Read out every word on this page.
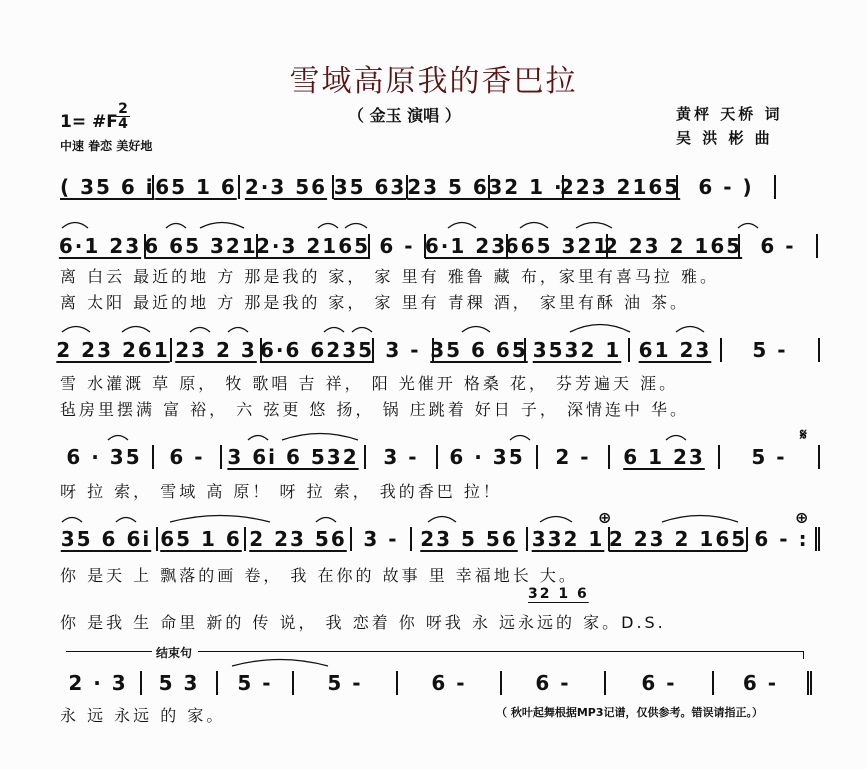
雪域高原我的香巴拉
（ 金玉 演唱 ）
1= #F
2
4
中速 眷恋 美好地
黄枰 天桥 词
吴 洪 彬 曲
( 35 6 i 65 1 6 2·3 56 35 63 23 5 6 32 1 ·
223 2165 6 - )
6·1 23 6 65 321
2·3 2165 6 - 6·1 23
665 321
2 23 2 165 6 -
离 白云 最近的地 方 那是我的 家， 家 里有 雅鲁 藏 布，家里有喜马拉 雅。
离 太阳 最近的地 方 那是我的 家， 家 里有 青稞 酒， 家里有酥 油 茶。
2 23 261 23 2 3 6·6 6235 3 - 35 6 65 3532 1 61 23	5 -
雪 水灌溉 草 原， 牧 歌唱 吉 祥， 阳 光催开 格桑 花， 芬芳遍天 涯。
毡房里摆满 富 裕， 六 弦更 悠 扬， 锅 庄跳着 好日 子， 深情连中 华。
𝄋
6 · 35	6 -	3 6i 6 532	3 -	6 · 35	2 -	6 1 23	5 -
呀 拉 索， 雪域 高 原！ 呀 拉 索， 我的香巴 拉！
⊕	⊕
35 6 6i 65 1 6 2 23 56 3 -	23 5 56 332 1 2 23 2 165 6 - :
你 是天 上 飘落的画 卷， 我 在你的 故事 里 幸福地长 大。
32 1 6
你 是我 生 命里 新的 传 说， 我 恋着 你 呀我 永 远永远的 家。D.S.
结束句
2 · 3	5 3	5 -	5 -	6 -	6 -	6 -	6 -
永 远 永远 的 家。	（ 秋叶起舞根据MP3记谱，仅供参考。错误请指正。）
